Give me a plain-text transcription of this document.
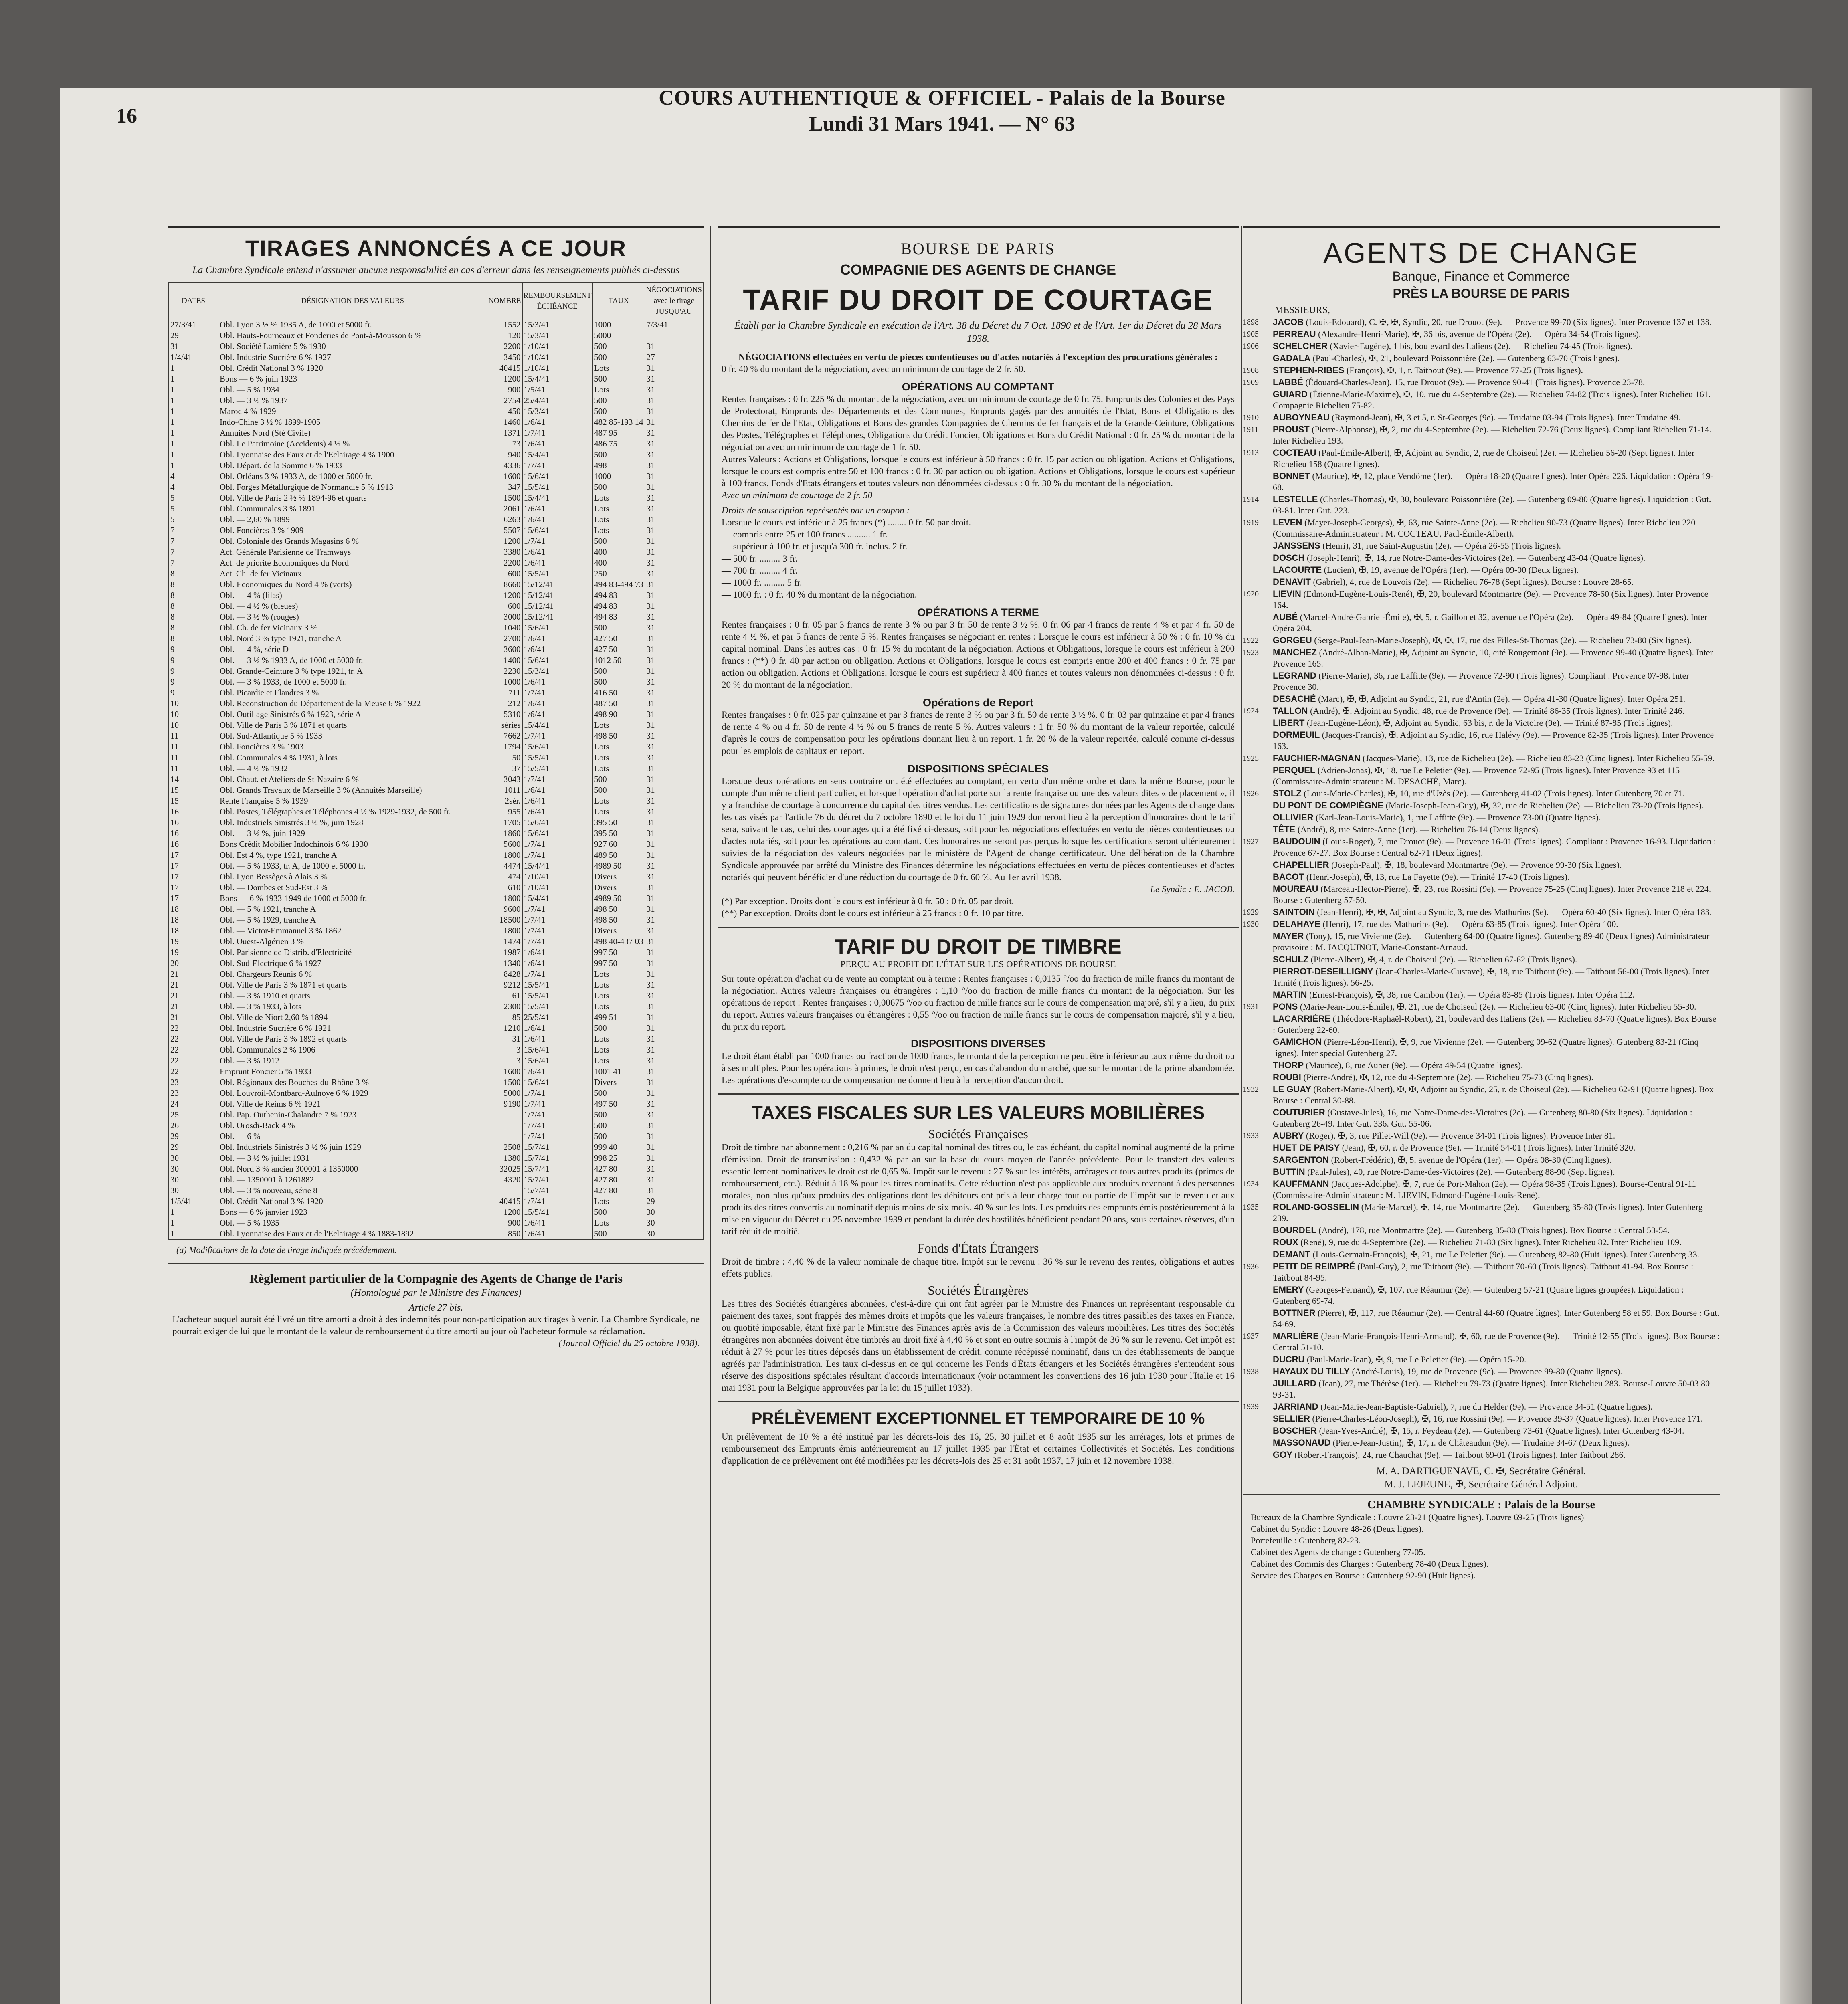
16
COURS AUTHENTIQUE & OFFICIEL - Palais de la Bourse
Lundi 31 Mars 1941. — N° 63
TIRAGES ANNONCÉS A CE JOUR
La Chambre Syndicale entend n'assumer aucune responsabilité en cas d'erreur dans les renseignements publiés ci-dessus
DATES	DÉSIGNATION DES VALEURS	NOMBRE	REMBOURSEMENT ÉCHÉANCE	TAUX	NÉGOCIATIONS avec le tirage JUSQU'AU
27/3/41	Obl. Lyon 3 ½ % 1935 A, de 1000 et 5000 fr.	1552	15/3/41	1000	7/3/41
29	Obl. Hauts-Fourneaux et Fonderies de Pont-à-Mousson 6 %	120	15/3/41	5000	
31	Obl. Société Lamière 5 % 1930	2200	1/10/41	500	31
1/4/41	Obl. Industrie Sucrière 6 % 1927	3450	1/10/41	500	27
1	Obl. Crédit National 3 % 1920	40415	1/10/41	Lots	31
1	Bons — 6 % juin 1923	1200	15/4/41	500	31
1	Obl. — 5 % 1934	900	1/5/41	Lots	31
1	Obl. — 3 ½ % 1937	2754	25/4/41	500	31
1	Maroc 4 % 1929	450	15/3/41	500	31
1	Indo-Chine 3 ½ % 1899-1905	1460	1/6/41	482 85-193 14	31
1	Annuités Nord (Sté Civile)	1371	1/7/41	487 95	31
1	Obl. Le Patrimoine (Accidents) 4 ½ %	73	1/6/41	486 75	31
1	Obl. Lyonnaise des Eaux et de l'Eclairage 4 % 1900	940	15/4/41	500	31
1	Obl. Départ. de la Somme 6 % 1933	4336	1/7/41	498	31
4	Obl. Orléans 3 % 1933 A, de 1000 et 5000 fr.	1600	15/6/41	1000	31
4	Obl. Forges Métallurgique de Normandie 5 % 1913	347	15/5/41	500	31
5	Obl. Ville de Paris 2 ½ % 1894-96 et quarts	1500	15/4/41	Lots	31
5	Obl. Communales 3 % 1891	2061	1/6/41	Lots	31
5	Obl. — 2,60 % 1899	6263	1/6/41	Lots	31
7	Obl. Foncières 3 % 1909	5507	15/6/41	Lots	31
7	Obl. Coloniale des Grands Magasins 6 %	1200	1/7/41	500	31
7	Act. Générale Parisienne de Tramways	3380	1/6/41	400	31
7	Act. de priorité Economiques du Nord	2200	1/6/41	400	31
8	Act. Ch. de fer Vicinaux	600	15/5/41	250	31
8	Obl. Economiques du Nord 4 % (verts)	8660	15/12/41	494 83-494 73	31
8	Obl. — 4 % (lilas)	1200	15/12/41	494 83	31
8	Obl. — 4 ½ % (bleues)	600	15/12/41	494 83	31
8	Obl. — 3 ½ % (rouges)	3000	15/12/41	494 83	31
8	Obl. Ch. de fer Vicinaux 3 %	1040	15/6/41	500	31
8	Obl. Nord 3 % type 1921, tranche A	2700	1/6/41	427 50	31
9	Obl. — 4 %, série D	3600	1/6/41	427 50	31
9	Obl. — 3 ½ % 1933 A, de 1000 et 5000 fr.	1400	15/6/41	1012 50	31
9	Obl. Grande-Ceinture 3 % type 1921, tr. A	2230	15/3/41	500	31
9	Obl. — 3 % 1933, de 1000 et 5000 fr.	1000	1/6/41	500	31
9	Obl. Picardie et Flandres 3 %	711	1/7/41	416 50	31
10	Obl. Reconstruction du Département de la Meuse 6 % 1922	212	1/6/41	487 50	31
10	Obl. Outillage Sinistrés 6 % 1923, série A	5310	1/6/41	498 90	31
10	Obl. Ville de Paris 3 % 1871 et quarts	séries	15/4/41	Lots	31
11	Obl. Sud-Atlantique 5 % 1933	7662	1/7/41	498 50	31
11	Obl. Foncières 3 % 1903	1794	15/6/41	Lots	31
11	Obl. Communales 4 % 1931, à lots	50	15/5/41	Lots	31
11	Obl. — 4 ½ % 1932	37	15/5/41	Lots	31
14	Obl. Chaut. et Ateliers de St-Nazaire 6 %	3043	1/7/41	500	31
15	Obl. Grands Travaux de Marseille 3 % (Annuités Marseille)	1011	1/6/41	500	31
15	Rente Française 5 % 1939	2sér.	1/6/41	Lots	31
16	Obl. Postes, Télégraphes et Téléphones 4 ½ % 1929-1932, de 500 fr.	955	1/6/41	Lots	31
16	Obl. Industriels Sinistrés 3 ½ %, juin 1928	1705	15/6/41	395 50	31
16	Obl. — 3 ½ %, juin 1929	1860	15/6/41	395 50	31
16	Bons Crédit Mobilier Indochinois 6 % 1930	5600	1/7/41	927 60	31
17	Obl. Est 4 %, type 1921, tranche A	1800	1/7/41	489 50	31
17	Obl. — 5 % 1933, tr. A, de 1000 et 5000 fr.	4474	15/4/41	4989 50	31
17	Obl. Lyon Bessèges à Alais 3 %	474	1/10/41	Divers	31
17	Obl. — Dombes et Sud-Est 3 %	610	1/10/41	Divers	31
17	Bons — 6 % 1933-1949 de 1000 et 5000 fr.	1800	15/4/41	4989 50	31
18	Obl. — 5 % 1921, tranche A	9600	1/7/41	498 50	31
18	Obl. — 5 % 1929, tranche A	18500	1/7/41	498 50	31
18	Obl. — Victor-Emmanuel 3 % 1862	1800	1/7/41	Divers	31
19	Obl. Ouest-Algérien 3 %	1474	1/7/41	498 40-437 03	31
19	Obl. Parisienne de Distrib. d'Electricité	1987	1/6/41	997 50	31
20	Obl. Sud-Electrique 6 % 1927	1340	1/6/41	997 50	31
21	Obl. Chargeurs Réunis 6 %	8428	1/7/41	Lots	31
21	Obl. Ville de Paris 3 % 1871 et quarts	9212	15/5/41	Lots	31
21	Obl. — 3 % 1910 et quarts	61	15/5/41	Lots	31
21	Obl. — 3 % 1933, à lots	2300	15/5/41	Lots	31
21	Obl. Ville de Niort 2,60 % 1894	85	25/5/41	499 51	31
22	Obl. Industrie Sucrière 6 % 1921	1210	1/6/41	500	31
22	Obl. Ville de Paris 3 % 1892 et quarts	31	1/6/41	Lots	31
22	Obl. Communales 2 % 1906	3	15/6/41	Lots	31
22	Obl. — 3 % 1912	3	15/6/41	Lots	31
22	Emprunt Foncier 5 % 1933	1600	1/6/41	1001 41	31
23	Obl. Régionaux des Bouches-du-Rhône 3 %	1500	15/6/41	Divers	31
23	Obl. Louvroil-Montbard-Aulnoye 6 % 1929	5000	1/7/41	500	31
24	Obl. Ville de Reims 6 % 1921	9190	1/7/41	497 50	31
25	Obl. Pap. Outhenin-Chalandre 7 % 1923		1/7/41	500	31
26	Obl. Orosdi-Back 4 %		1/7/41	500	31
29	Obl. — 6 %		1/7/41	500	31
29	Obl. Industriels Sinistrés 3 ½ % juin 1929	2508	15/7/41	999 40	31
30	Obl. — 3 ½ % juillet 1931	1380	15/7/41	998 25	31
30	Obl. Nord 3 % ancien 300001 à 1350000	32025	15/7/41	427 80	31
30	Obl. — 1350001 à 1261882	4320	15/7/41	427 80	31
30	Obl. — 3 % nouveau, série 8		15/7/41	427 80	31
1/5/41	Obl. Crédit National 3 % 1920	40415	1/7/41	Lots	29
1	Bons — 6 % janvier 1923	1200	15/5/41	500	30
1	Obl. — 5 % 1935	900	1/6/41	Lots	30
1	Obl. Lyonnaise des Eaux et de l'Eclairage 4 % 1883-1892	850	1/6/41	500	30
(a) Modifications de la date de tirage indiquée précédemment.
Règlement particulier de la Compagnie des Agents de Change de Paris
(Homologué par le Ministre des Finances)
Article 27 bis.
L'acheteur auquel aurait été livré un titre amorti a droit à des indemnités pour non-participation aux tirages à venir. La Chambre Syndicale, ne pourrait exiger de lui que le montant de la valeur de remboursement du titre amorti au jour où l'acheteur formule sa réclamation.
(Journal Officiel du 25 octobre 1938).
BOURSE DE PARIS
COMPAGNIE DES AGENTS DE CHANGE
TARIF DU DROIT DE COURTAGE
Établi par la Chambre Syndicale en exécution de l'Art. 38 du Décret du 7 Oct. 1890 et de l'Art. 1er du Décret du 28 Mars 1938.
NÉGOCIATIONS effectuées en vertu de pièces contentieuses ou d'actes notariés à l'exception des procurations générales :
0 fr. 40 % du montant de la négociation, avec un minimum de courtage de 2 fr. 50.
OPÉRATIONS AU COMPTANT
Rentes françaises : 0 fr. 225 % du montant de la négociation, avec un minimum de courtage de 0 fr. 75. Emprunts des Colonies et des Pays de Protectorat, Emprunts des Départements et des Communes, Emprunts gagés par des annuités de l'Etat, Bons et Obligations des Chemins de fer de l'Etat, Obligations et Bons des grandes Compagnies de Chemins de fer français et de la Grande-Ceinture, Obligations des Postes, Télégraphes et Téléphones, Obligations du Crédit Foncier, Obligations et Bons du Crédit National : 0 fr. 25 % du montant de la négociation avec un minimum de courtage de 1 fr. 50.
Autres Valeurs : Actions et Obligations, lorsque le cours est inférieur à 50 francs : 0 fr. 15 par action ou obligation. Actions et Obligations, lorsque le cours est compris entre 50 et 100 francs : 0 fr. 30 par action ou obligation. Actions et Obligations, lorsque le cours est supérieur à 100 francs, Fonds d'Etats étrangers et toutes valeurs non dénommées ci-dessus : 0 fr. 30 % du montant de la négociation.
Avec un minimum de courtage de 2 fr. 50
Droits de souscription représentés par un coupon :
Lorsque le cours est inférieur à 25 francs (*) ........ 0 fr. 50 par droit.
— compris entre 25 et 100 francs .......... 1 fr.
— supérieur à 100 fr. et jusqu'à 300 fr. inclus. 2 fr.
— 500 fr. ......... 3 fr.
— 700 fr. ......... 4 fr.
— 1000 fr. ......... 5 fr.
— 1000 fr. : 0 fr. 40 % du montant de la négociation.
OPÉRATIONS A TERME
Rentes françaises : 0 fr. 05 par 3 francs de rente 3 % ou par 3 fr. 50 de rente 3 ½ %. 0 fr. 06 par 4 francs de rente 4 % et par 4 fr. 50 de rente 4 ½ %, et par 5 francs de rente 5 %. Rentes françaises se négociant en rentes : Lorsque le cours est inférieur à 50 % : 0 fr. 10 % du capital nominal. Dans les autres cas : 0 fr. 15 % du montant de la négociation. Actions et Obligations, lorsque le cours est inférieur à 200 francs : (**) 0 fr. 40 par action ou obligation. Actions et Obligations, lorsque le cours est compris entre 200 et 400 francs : 0 fr. 75 par action ou obligation. Actions et Obligations, lorsque le cours est supérieur à 400 francs et toutes valeurs non dénommées ci-dessus : 0 fr. 20 % du montant de la négociation.
Opérations de Report
Rentes françaises : 0 fr. 025 par quinzaine et par 3 francs de rente 3 % ou par 3 fr. 50 de rente 3 ½ %. 0 fr. 03 par quinzaine et par 4 francs de rente 4 % ou 4 fr. 50 de rente 4 ½ % ou 5 francs de rente 5 %. Autres valeurs : 1 fr. 50 % du montant de la valeur reportée, calculé d'après le cours de compensation pour les opérations donnant lieu à un report. 1 fr. 20 % de la valeur reportée, calculé comme ci-dessus pour les emplois de capitaux en report.
DISPOSITIONS SPÉCIALES
Lorsque deux opérations en sens contraire ont été effectuées au comptant, en vertu d'un même ordre et dans la même Bourse, pour le compte d'un même client particulier, et lorsque l'opération d'achat porte sur la rente française ou une des valeurs dites « de placement », il y a franchise de courtage à concurrence du capital des titres vendus. Les certifications de signatures données par les Agents de change dans les cas visés par l'article 76 du décret du 7 octobre 1890 et le loi du 11 juin 1929 donneront lieu à la perception d'honoraires dont le tarif sera, suivant le cas, celui des courtages qui a été fixé ci-dessus, soit pour les négociations effectuées en vertu de pièces contentieuses ou d'actes notariés, soit pour les opérations au comptant. Ces honoraires ne seront pas perçus lorsque les certifications seront ultérieurement suivies de la négociation des valeurs négociées par le ministère de l'Agent de change certificateur. Une délibération de la Chambre Syndicale approuvée par arrêté du Ministre des Finances détermine les négociations effectuées en vertu de pièces contentieuses et d'actes notariés qui peuvent bénéficier d'une réduction du courtage de 0 fr. 60 %. Au 1er avril 1938.
Le Syndic : E. JACOB.
(*) Par exception. Droits dont le cours est inférieur à 0 fr. 50 : 0 fr. 05 par droit.
(**) Par exception. Droits dont le cours est inférieur à 25 francs : 0 fr. 10 par titre.
TARIF DU DROIT DE TIMBRE
PERÇU AU PROFIT DE L'ÉTAT SUR LES OPÉRATIONS DE BOURSE
Sur toute opération d'achat ou de vente au comptant ou à terme : Rentes françaises : 0,0135 °/oo du fraction de mille francs du montant de la négociation. Autres valeurs françaises ou étrangères : 1,10 °/oo du fraction de mille francs du montant de la négociation. Sur les opérations de report : Rentes françaises : 0,00675 °/oo ou fraction de mille francs sur le cours de compensation majoré, s'il y a lieu, du prix du report. Autres valeurs françaises ou étrangères : 0,55 °/oo ou fraction de mille francs sur le cours de compensation majoré, s'il y a lieu, du prix du report.
DISPOSITIONS DIVERSES
Le droit étant établi par 1000 francs ou fraction de 1000 francs, le montant de la perception ne peut être inférieur au taux même du droit ou à ses multiples. Pour les opérations à primes, le droit n'est perçu, en cas d'abandon du marché, que sur le montant de la prime abandonnée. Les opérations d'escompte ou de compensation ne donnent lieu à la perception d'aucun droit.
TAXES FISCALES SUR LES VALEURS MOBILIÈRES
Sociétés Françaises
Droit de timbre par abonnement : 0,216 % par an du capital nominal des titres ou, le cas échéant, du capital nominal augmenté de la prime d'émission. Droit de transmission : 0,432 % par an sur la base du cours moyen de l'année précédente. Pour le transfert des valeurs essentiellement nominatives le droit est de 0,65 %. Impôt sur le revenu : 27 % sur les intérêts, arrérages et tous autres produits (primes de remboursement, etc.). Réduit à 18 % pour les titres nominatifs. Cette réduction n'est pas applicable aux produits revenant à des personnes morales, non plus qu'aux produits des obligations dont les débiteurs ont pris à leur charge tout ou partie de l'impôt sur le revenu et aux produits des titres convertis au nominatif depuis moins de six mois. 40 % sur les lots. Les produits des emprunts émis postérieurement à la mise en vigueur du Décret du 25 novembre 1939 et pendant la durée des hostilités bénéficient pendant 20 ans, sous certaines réserves, d'un tarif réduit de moitié.
Fonds d'États Étrangers
Droit de timbre : 4,40 % de la valeur nominale de chaque titre. Impôt sur le revenu : 36 % sur le revenu des rentes, obligations et autres effets publics.
Sociétés Étrangères
Les titres des Sociétés étrangères abonnées, c'est-à-dire qui ont fait agréer par le Ministre des Finances un représentant responsable du paiement des taxes, sont frappés des mêmes droits et impôts que les valeurs françaises, le nombre des titres passibles des taxes en France, ou quotité imposable, étant fixé par le Ministre des Finances après avis de la Commission des valeurs mobilières. Les titres des Sociétés étrangères non abonnées doivent être timbrés au droit fixé à 4,40 % et sont en outre soumis à l'impôt de 36 % sur le revenu. Cet impôt est réduit à 27 % pour les titres déposés dans un établissement de crédit, comme récépissé nominatif, dans un des établissements de banque agréés par l'administration. Les taux ci-dessus en ce qui concerne les Fonds d'États étrangers et les Sociétés étrangères s'entendent sous réserve des dispositions spéciales résultant d'accords internationaux (voir notamment les conventions des 16 juin 1930 pour l'Italie et 16 mai 1931 pour la Belgique approuvées par la loi du 15 juillet 1933).
PRÉLÈVEMENT EXCEPTIONNEL ET TEMPORAIRE DE 10 %
Un prélèvement de 10 % a été institué par les décrets-lois des 16, 25, 30 juillet et 8 août 1935 sur les arrérages, lots et primes de remboursement des Emprunts émis antérieurement au 17 juillet 1935 par l'État et certaines Collectivités et Sociétés. Les conditions d'application de ce prélèvement ont été modifiées par les décrets-lois des 25 et 31 août 1937, 17 juin et 12 novembre 1938.
AGENTS DE CHANGE
Banque, Finance et Commerce
PRÈS LA BOURSE DE PARIS
MESSIEURS,
1898	JACOB (Louis-Edouard), C. ✠, ✠, Syndic, 20, rue Drouot (9e). — Provence 99-70 (Six lignes). Inter Provence 137 et 138.
1905	PERREAU (Alexandre-Henri-Marie), ✠, 36 bis, avenue de l'Opéra (2e). — Opéra 34-54 (Trois lignes).
1906	SCHELCHER (Xavier-Eugène), 1 bis, boulevard des Italiens (2e). — Richelieu 74-45 (Trois lignes).
GADALA (Paul-Charles), ✠, 21, boulevard Poissonnière (2e). — Gutenberg 63-70 (Trois lignes).
1908	STEPHEN-RIBES (François), ✠, 1, r. Taitbout (9e). — Provence 77-25 (Trois lignes).
1909	LABBÉ (Édouard-Charles-Jean), 15, rue Drouot (9e). — Provence 90-41 (Trois lignes). Provence 23-78.
GUIARD (Étienne-Marie-Maxime), ✠, 10, rue du 4-Septembre (2e). — Richelieu 74-82 (Trois lignes). Inter Richelieu 161. Compagnie Richelieu 75-82.
1910	AUBOYNEAU (Raymond-Jean), ✠, 3 et 5, r. St-Georges (9e). — Trudaine 03-94 (Trois lignes). Inter Trudaine 49.
1911	PROUST (Pierre-Alphonse), ✠, 2, rue du 4-Septembre (2e). — Richelieu 72-76 (Deux lignes). Compliant Richelieu 71-14. Inter Richelieu 193.
1913	COCTEAU (Paul-Émile-Albert), ✠, Adjoint au Syndic, 2, rue de Choiseul (2e). — Richelieu 56-20 (Sept lignes). Inter Richelieu 158 (Quatre lignes).
BONNET (Maurice), ✠, 12, place Vendôme (1er). — Opéra 18-20 (Quatre lignes). Inter Opéra 226. Liquidation : Opéra 19-68.
1914	LESTELLE (Charles-Thomas), ✠, 30, boulevard Poissonnière (2e). — Gutenberg 09-80 (Quatre lignes). Liquidation : Gut. 03-81. Inter Gut. 223.
1919	LEVEN (Mayer-Joseph-Georges), ✠, 63, rue Sainte-Anne (2e). — Richelieu 90-73 (Quatre lignes). Inter Richelieu 220 (Commissaire-Administrateur : M. COCTEAU, Paul-Émile-Albert).
JANSSENS (Henri), 31, rue Saint-Augustin (2e). — Opéra 26-55 (Trois lignes).
DOSCH (Joseph-Henri), ✠, 14, rue Notre-Dame-des-Victoires (2e). — Gutenberg 43-04 (Quatre lignes).
LACOURTE (Lucien), ✠, 19, avenue de l'Opéra (1er). — Opéra 09-00 (Deux lignes).
DENAVIT (Gabriel), 4, rue de Louvois (2e). — Richelieu 76-78 (Sept lignes). Bourse : Louvre 28-65.
1920	LIEVIN (Edmond-Eugène-Louis-René), ✠, 20, boulevard Montmartre (9e). — Provence 78-60 (Six lignes). Inter Provence 164.
AUBÉ (Marcel-André-Gabriel-Émile), ✠, 5, r. Gaillon et 32, avenue de l'Opéra (2e). — Opéra 49-84 (Quatre lignes). Inter Opéra 204.
1922	GORGEU (Serge-Paul-Jean-Marie-Joseph), ✠, ✠, 17, rue des Filles-St-Thomas (2e). — Richelieu 73-80 (Six lignes).
1923	MANCHEZ (André-Alban-Marie), ✠, Adjoint au Syndic, 10, cité Rougemont (9e). — Provence 99-40 (Quatre lignes). Inter Provence 165.
LEGRAND (Pierre-Marie), 36, rue Laffitte (9e). — Provence 72-90 (Trois lignes). Compliant : Provence 07-98. Inter Provence 30.
DESACHÉ (Marc), ✠, ✠, Adjoint au Syndic, 21, rue d'Antin (2e). — Opéra 41-30 (Quatre lignes). Inter Opéra 251.
1924	TALLON (André), ✠, Adjoint au Syndic, 48, rue de Provence (9e). — Trinité 86-35 (Trois lignes). Inter Trinité 246.
LIBERT (Jean-Eugène-Léon), ✠, Adjoint au Syndic, 63 bis, r. de la Victoire (9e). — Trinité 87-85 (Trois lignes).
DORMEUIL (Jacques-Francis), ✠, Adjoint au Syndic, 16, rue Halévy (9e). — Provence 82-35 (Trois lignes). Inter Provence 163.
1925	FAUCHIER-MAGNAN (Jacques-Marie), 13, rue de Richelieu (2e). — Richelieu 83-23 (Cinq lignes). Inter Richelieu 55-59.
PERQUEL (Adrien-Jonas), ✠, 18, rue Le Peletier (9e). — Provence 72-95 (Trois lignes). Inter Provence 93 et 115 (Commissaire-Administrateur : M. DESACHÉ, Marc).
1926	STOLZ (Louis-Marie-Charles), ✠, 10, rue d'Uzès (2e). — Gutenberg 41-02 (Trois lignes). Inter Gutenberg 70 et 71.
DU PONT DE COMPIÈGNE (Marie-Joseph-Jean-Guy), ✠, 32, rue de Richelieu (2e). — Richelieu 73-20 (Trois lignes).
OLLIVIER (Karl-Jean-Louis-Marie), 1, rue Laffitte (9e). — Provence 73-00 (Quatre lignes).
TÊTE (André), 8, rue Sainte-Anne (1er). — Richelieu 76-14 (Deux lignes).
1927	BAUDOUIN (Louis-Roger), 7, rue Drouot (9e). — Provence 16-01 (Trois lignes). Compliant : Provence 16-93. Liquidation : Provence 67-27. Box Bourse : Central 62-71 (Deux lignes).
CHAPELLIER (Joseph-Paul), ✠, 18, boulevard Montmartre (9e). — Provence 99-30 (Six lignes).
BACOT (Henri-Joseph), ✠, 13, rue La Fayette (9e). — Trinité 17-40 (Trois lignes).
MOUREAU (Marceau-Hector-Pierre), ✠, 23, rue Rossini (9e). — Provence 75-25 (Cinq lignes). Inter Provence 218 et 224. Bourse : Gutenberg 57-50.
1929	SAINTOIN (Jean-Henri), ✠, ✠, Adjoint au Syndic, 3, rue des Mathurins (9e). — Opéra 60-40 (Six lignes). Inter Opéra 183.
1930	DELAHAYE (Henri), 17, rue des Mathurins (9e). — Opéra 63-85 (Trois lignes). Inter Opéra 100.
MAYER (Tony), 15, rue Vivienne (2e). — Gutenberg 64-00 (Quatre lignes). Gutenberg 89-40 (Deux lignes) Administrateur provisoire : M. JACQUINOT, Marie-Constant-Arnaud.
SCHULZ (Pierre-Albert), ✠, 4, r. de Choiseul (2e). — Richelieu 67-62 (Trois lignes).
PIERROT-DESEILLIGNY (Jean-Charles-Marie-Gustave), ✠, 18, rue Taitbout (9e). — Taitbout 56-00 (Trois lignes). Inter Trinité (Trois lignes). 56-25.
MARTIN (Ernest-François), ✠, 38, rue Cambon (1er). — Opéra 83-85 (Trois lignes). Inter Opéra 112.
1931	PONS (Marie-Jean-Louis-Émile), ✠, 21, rue de Choiseul (2e). — Richelieu 63-00 (Cinq lignes). Inter Richelieu 55-30.
LACARRIÈRE (Théodore-Raphaël-Robert), 21, boulevard des Italiens (2e). — Richelieu 83-70 (Quatre lignes). Box Bourse : Gutenberg 22-60.
GAMICHON (Pierre-Léon-Henri), ✠, 9, rue Vivienne (2e). — Gutenberg 09-62 (Quatre lignes). Gutenberg 83-21 (Cinq lignes). Inter spécial Gutenberg 27.
THORP (Maurice), 8, rue Auber (9e). — Opéra 49-54 (Quatre lignes).
ROUBI (Pierre-André), ✠, 12, rue du 4-Septembre (2e). — Richelieu 75-73 (Cinq lignes).
1932	LE GUAY (Robert-Marie-Albert), ✠, ✠, Adjoint au Syndic, 25, r. de Choiseul (2e). — Richelieu 62-91 (Quatre lignes). Box Bourse : Central 30-88.
COUTURIER (Gustave-Jules), 16, rue Notre-Dame-des-Victoires (2e). — Gutenberg 80-80 (Six lignes). Liquidation : Gutenberg 26-49. Inter Gut. 336. Gut. 55-06.
1933	AUBRY (Roger), ✠, 3, rue Pillet-Will (9e). — Provence 34-01 (Trois lignes). Provence Inter 81.
HUET DE PAISY (Jean), ✠, 60, r. de Provence (9e). — Trinité 54-01 (Trois lignes). Inter Trinité 320.
SARGENTON (Robert-Frédéric), ✠, 5, avenue de l'Opéra (1er). — Opéra 08-30 (Cinq lignes).
BUTTIN (Paul-Jules), 40, rue Notre-Dame-des-Victoires (2e). — Gutenberg 88-90 (Sept lignes).
1934	KAUFFMANN (Jacques-Adolphe), ✠, 7, rue de Port-Mahon (2e). — Opéra 98-35 (Trois lignes). Bourse-Central 91-11 (Commissaire-Administrateur : M. LIEVIN, Edmond-Eugène-Louis-René).
1935	ROLAND-GOSSELIN (Marie-Marcel), ✠, 14, rue Montmartre (2e). — Gutenberg 35-80 (Trois lignes). Inter Gutenberg 239.
BOURDEL (André), 178, rue Montmartre (2e). — Gutenberg 35-80 (Trois lignes). Box Bourse : Central 53-54.
ROUX (René), 9, rue du 4-Septembre (2e). — Richelieu 71-80 (Six lignes). Inter Richelieu 82. Inter Richelieu 109.
DEMANT (Louis-Germain-François), ✠, 21, rue Le Peletier (9e). — Gutenberg 82-80 (Huit lignes). Inter Gutenberg 33.
1936	PETIT DE REIMPRÉ (Paul-Guy), 2, rue Taitbout (9e). — Taitbout 70-60 (Trois lignes). Taitbout 41-94. Box Bourse : Taitbout 84-95.
EMERY (Georges-Fernand), ✠, 107, rue Réaumur (2e). — Gutenberg 57-21 (Quatre lignes groupées). Liquidation : Gutenberg 69-74.
BOTTNER (Pierre), ✠, 117, rue Réaumur (2e). — Central 44-60 (Quatre lignes). Inter Gutenberg 58 et 59. Box Bourse : Gut. 54-69.
1937	MARLIÈRE (Jean-Marie-François-Henri-Armand), ✠, 60, rue de Provence (9e). — Trinité 12-55 (Trois lignes). Box Bourse : Central 51-10.
DUCRU (Paul-Marie-Jean), ✠, 9, rue Le Peletier (9e). — Opéra 15-20.
1938	HAYAUX DU TILLY (André-Louis), 19, rue de Provence (9e). — Provence 99-80 (Quatre lignes).
JUILLARD (Jean), 27, rue Thérèse (1er). — Richelieu 79-73 (Quatre lignes). Inter Richelieu 283. Bourse-Louvre 50-03 80 93-31.
1939	JARRIAND (Jean-Marie-Jean-Baptiste-Gabriel), 7, rue du Helder (9e). — Provence 34-51 (Quatre lignes).
SELLIER (Pierre-Charles-Léon-Joseph), ✠, 16, rue Rossini (9e). — Provence 39-37 (Quatre lignes). Inter Provence 171.
BOSCHER (Jean-Yves-André), ✠, 15, r. Feydeau (2e). — Gutenberg 73-61 (Quatre lignes). Inter Gutenberg 43-04.
MASSONAUD (Pierre-Jean-Justin), ✠, 17, r. de Châteaudun (9e). — Trudaine 34-67 (Deux lignes).
GOY (Robert-François), 24, rue Chauchat (9e). — Taitbout 69-01 (Trois lignes). Inter Taitbout 286.
M. A. DARTIGUENAVE, C. ✠, Secrétaire Général.
M. J. LEJEUNE, ✠, Secrétaire Général Adjoint.
CHAMBRE SYNDICALE : Palais de la Bourse
Bureaux de la Chambre Syndicale : Louvre 23-21 (Quatre lignes). Louvre 69-25 (Trois lignes)
Cabinet du Syndic : Louvre 48-26 (Deux lignes).
Portefeuille : Gutenberg 82-23.
Cabinet des Agents de change : Gutenberg 77-05.
Cabinet des Commis des Charges : Gutenberg 78-40 (Deux lignes).
Service des Charges en Bourse : Gutenberg 92-90 (Huit lignes).
